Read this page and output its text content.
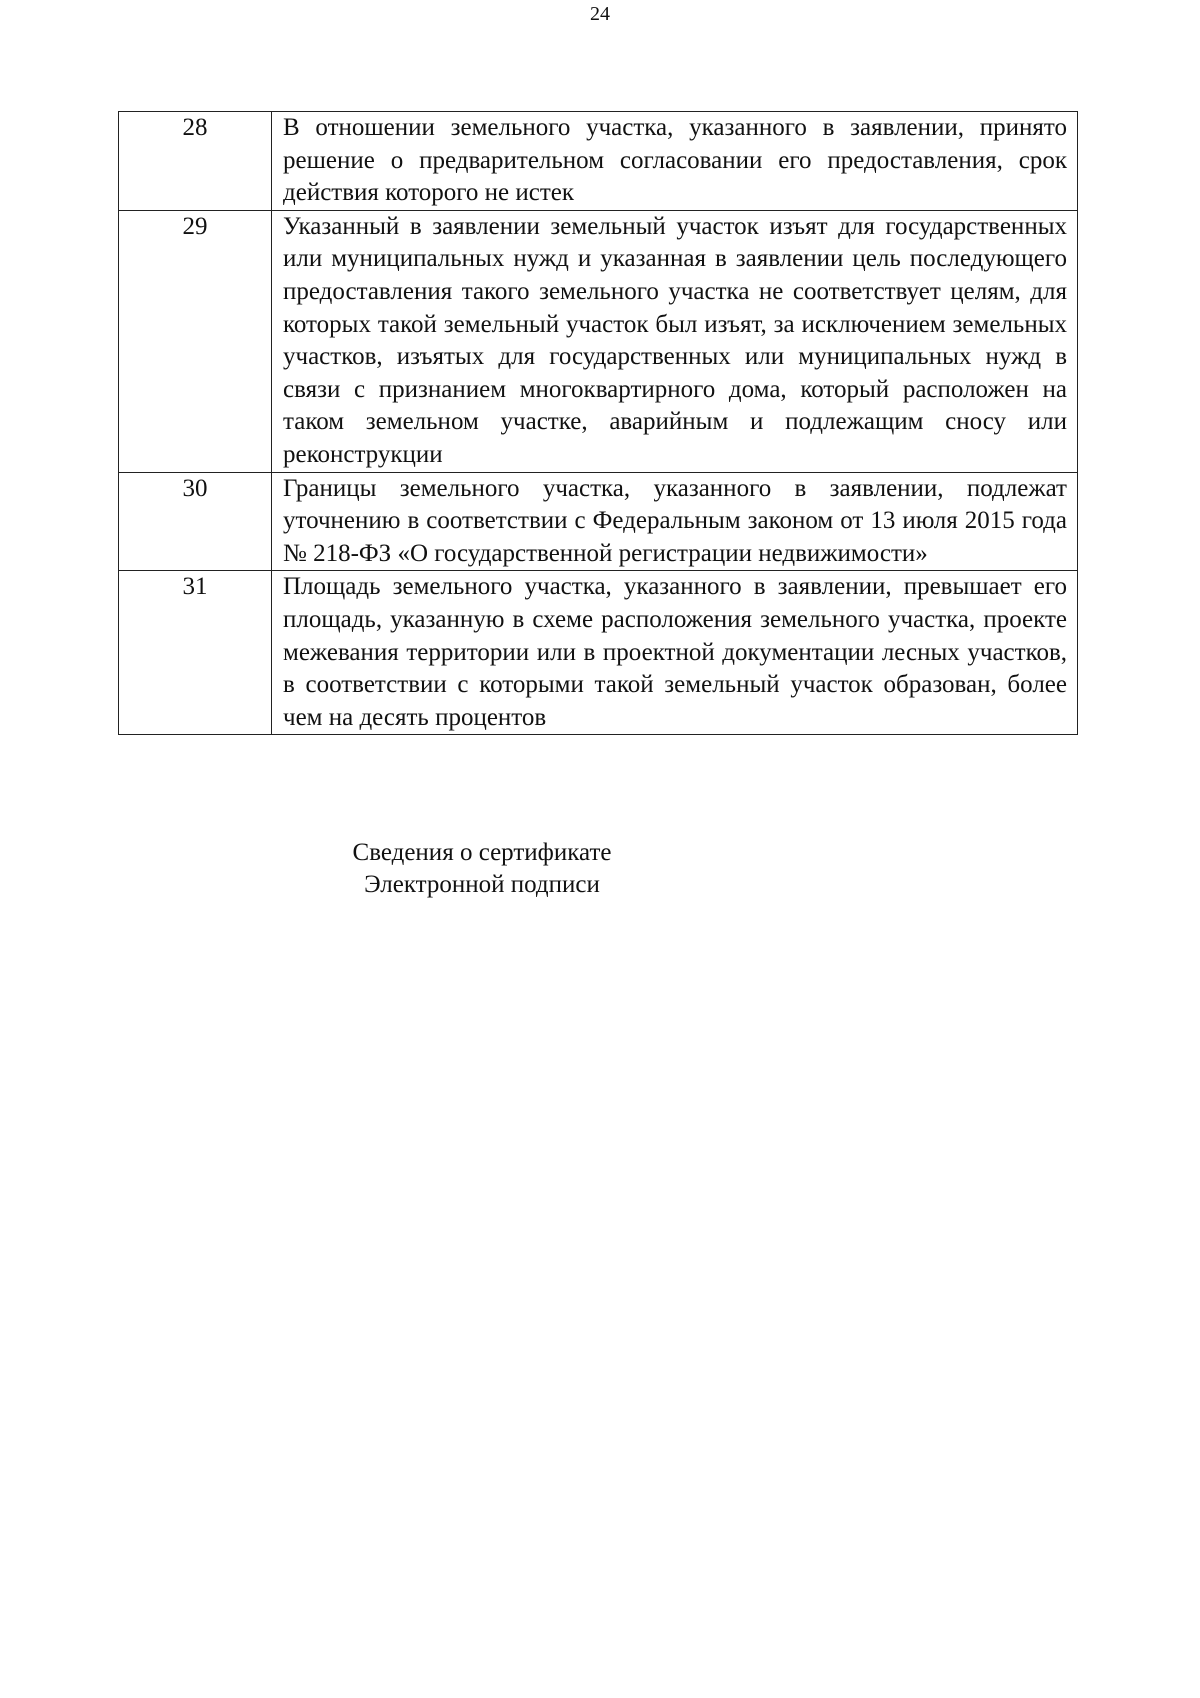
24
28	В отношении земельного участка, указанного в заявлении, принято решение о предварительном согласовании его предоставления, срок действия которого не истек
29	Указанный в заявлении земельный участок изъят для государственных или муниципальных нужд и указанная в заявлении цель последующего предоставления такого земельного участка не соответствует целям, для которых такой земельный участок был изъят, за исключением земельных участков, изъятых для государственных или муниципальных нужд в связи с признанием многоквартирного дома, который расположен на таком земельном участке, аварийным и подлежащим сносу или реконструкции
30	Границы земельного участка, указанного в заявлении, подлежат уточнению в соответствии с Федеральным законом от 13 июля 2015 года № 218-ФЗ «О государственной регистрации недвижимости»
31	Площадь земельного участка, указанного в заявлении, превышает его площадь, указанную в схеме расположения земельного участка, проекте межевания территории или в проектной документации лесных участков, в соответствии с которыми такой земельный участок образован, более чем на десять процентов
Сведения о сертификате
Электронной подписи
